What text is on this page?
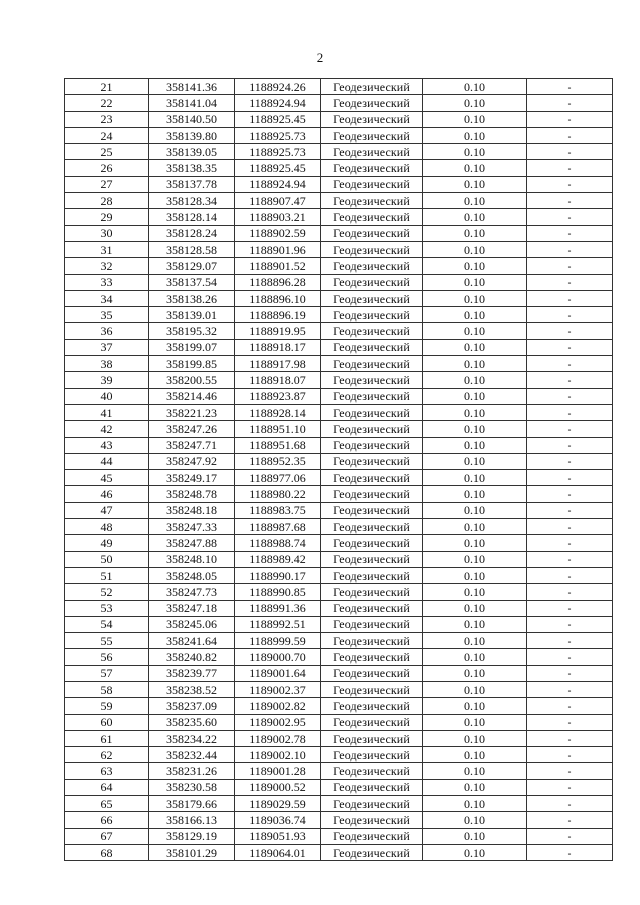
2
21	358141.36	1188924.26	Геодезический	0.10	-
22	358141.04	1188924.94	Геодезический	0.10	-
23	358140.50	1188925.45	Геодезический	0.10	-
24	358139.80	1188925.73	Геодезический	0.10	-
25	358139.05	1188925.73	Геодезический	0.10	-
26	358138.35	1188925.45	Геодезический	0.10	-
27	358137.78	1188924.94	Геодезический	0.10	-
28	358128.34	1188907.47	Геодезический	0.10	-
29	358128.14	1188903.21	Геодезический	0.10	-
30	358128.24	1188902.59	Геодезический	0.10	-
31	358128.58	1188901.96	Геодезический	0.10	-
32	358129.07	1188901.52	Геодезический	0.10	-
33	358137.54	1188896.28	Геодезический	0.10	-
34	358138.26	1188896.10	Геодезический	0.10	-
35	358139.01	1188896.19	Геодезический	0.10	-
36	358195.32	1188919.95	Геодезический	0.10	-
37	358199.07	1188918.17	Геодезический	0.10	-
38	358199.85	1188917.98	Геодезический	0.10	-
39	358200.55	1188918.07	Геодезический	0.10	-
40	358214.46	1188923.87	Геодезический	0.10	-
41	358221.23	1188928.14	Геодезический	0.10	-
42	358247.26	1188951.10	Геодезический	0.10	-
43	358247.71	1188951.68	Геодезический	0.10	-
44	358247.92	1188952.35	Геодезический	0.10	-
45	358249.17	1188977.06	Геодезический	0.10	-
46	358248.78	1188980.22	Геодезический	0.10	-
47	358248.18	1188983.75	Геодезический	0.10	-
48	358247.33	1188987.68	Геодезический	0.10	-
49	358247.88	1188988.74	Геодезический	0.10	-
50	358248.10	1188989.42	Геодезический	0.10	-
51	358248.05	1188990.17	Геодезический	0.10	-
52	358247.73	1188990.85	Геодезический	0.10	-
53	358247.18	1188991.36	Геодезический	0.10	-
54	358245.06	1188992.51	Геодезический	0.10	-
55	358241.64	1188999.59	Геодезический	0.10	-
56	358240.82	1189000.70	Геодезический	0.10	-
57	358239.77	1189001.64	Геодезический	0.10	-
58	358238.52	1189002.37	Геодезический	0.10	-
59	358237.09	1189002.82	Геодезический	0.10	-
60	358235.60	1189002.95	Геодезический	0.10	-
61	358234.22	1189002.78	Геодезический	0.10	-
62	358232.44	1189002.10	Геодезический	0.10	-
63	358231.26	1189001.28	Геодезический	0.10	-
64	358230.58	1189000.52	Геодезический	0.10	-
65	358179.66	1189029.59	Геодезический	0.10	-
66	358166.13	1189036.74	Геодезический	0.10	-
67	358129.19	1189051.93	Геодезический	0.10	-
68	358101.29	1189064.01	Геодезический	0.10	-
